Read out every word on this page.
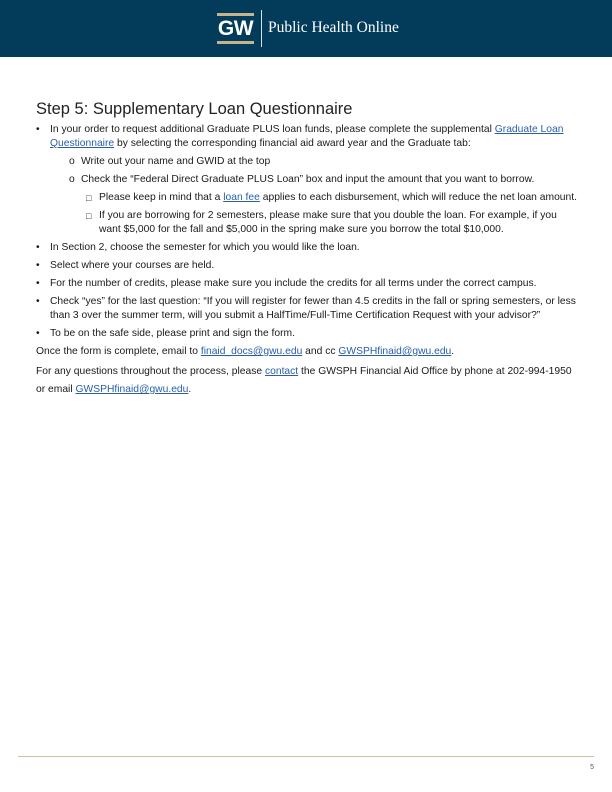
GW Public Health Online
Step 5: Supplementary Loan Questionnaire
• In your order to request additional Graduate PLUS loan funds, please complete the supplemental Graduate Loan Questionnaire by selecting the corresponding financial aid award year and the Graduate tab:
o Write out your name and GWID at the top
o Check the “Federal Direct Graduate PLUS Loan” box and input the amount that you want to borrow.
□ Please keep in mind that a loan fee applies to each disbursement, which will reduce the net loan amount.
□ If you are borrowing for 2 semesters, please make sure that you double the loan. For example, if you want $5,000 for the fall and $5,000 in the spring make sure you borrow the total $10,000.
• In Section 2, choose the semester for which you would like the loan.
• Select where your courses are held.
• For the number of credits, please make sure you include the credits for all terms under the correct campus.
• Check “yes” for the last question: “If you will register for fewer than 4.5 credits in the fall or spring semesters, or less than 3 over the summer term, will you submit a HalfTime/Full-Time Certification Request with your advisor?”
• To be on the safe side, please print and sign the form.
Once the form is complete, email to finaid_docs@gwu.edu and cc GWSPHfinaid@gwu.edu.
For any questions throughout the process, please contact the GWSPH Financial Aid Office by phone at 202-994-1950 or email GWSPHfinaid@gwu.edu.
5
